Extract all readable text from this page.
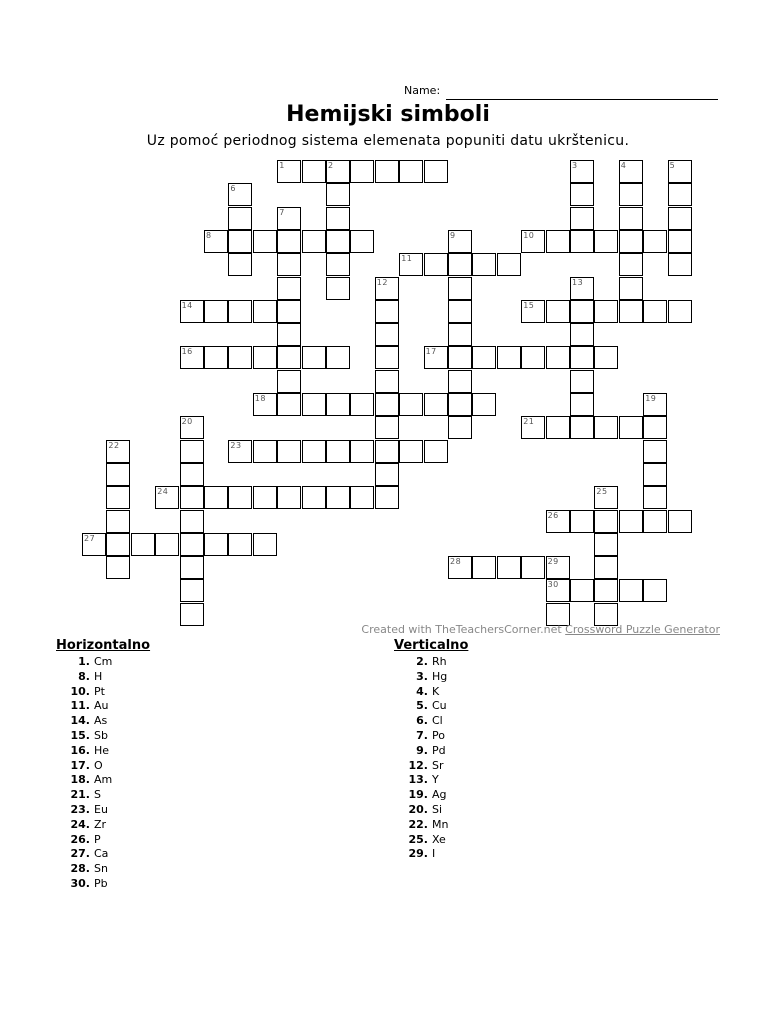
Name:
Hemijski simboli
Uz pomoć periodnog sistema elemenata popuniti datu ukrštenicu.
1	2	3	4	5
6
7
8	9	10
11
12	13
14	15
16	17
18	19
20	21
22	23
24	25
26
27
28	29
30
Created with TheTeachersCorner.net Crossword Puzzle Generator
Horizontalno
1. Cm
8. H
10. Pt
11. Au
14. As
15. Sb
16. He
17. O
18. Am
21. S
23. Eu
24. Zr
26. P
27. Ca
28. Sn
30. Pb
Verticalno
2. Rh
3. Hg
4. K
5. Cu
6. Cl
7. Po
9. Pd
12. Sr
13. Y
19. Ag
20. Si
22. Mn
25. Xe
29. I
